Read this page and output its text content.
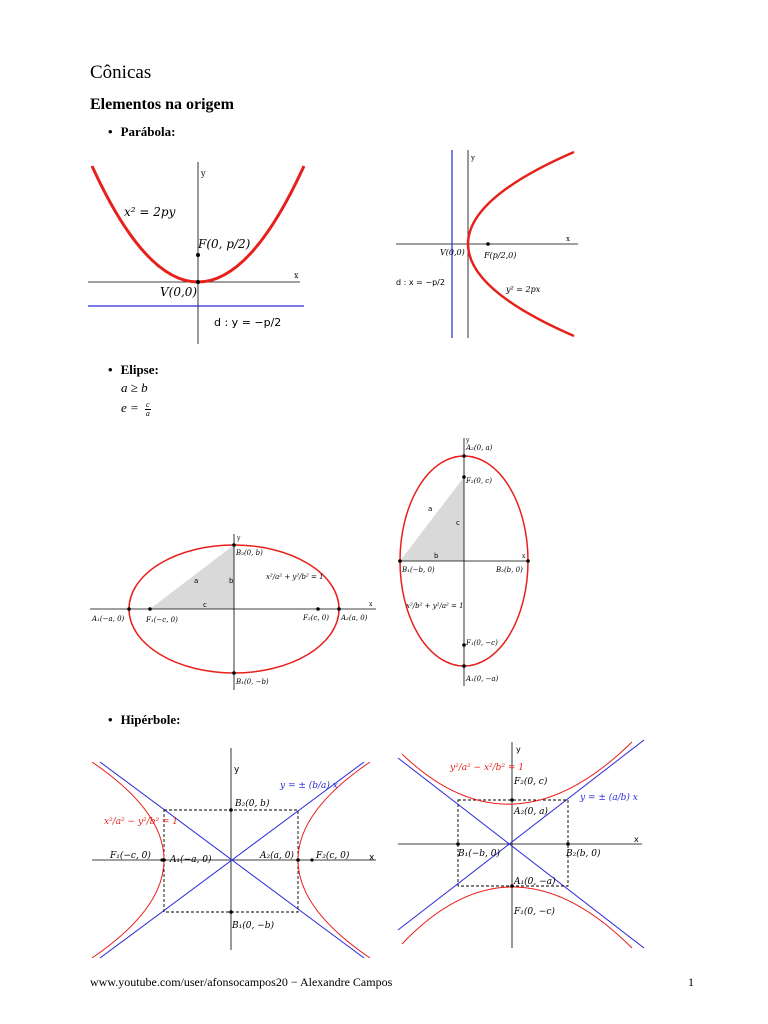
Cônicas
Elementos na origem

• Parábola:

y
x
x² = 2py
F(0, p/2)
V(0,0)
d : y = −p/2
y
x
V(0,0) F(p/2,0)
d : x = −p/2
y² = 2px

• Elipse:

a ≥ b

$e = \frac{c}{a}$

y
x
B₂(0, b)
B₁(0, −b)
A₁(−a, 0)	A₂(a, 0)
F₁(−c, 0)	F₂(c, 0)
a	b
c
x²/a² + y²/b² = 1
y
x
A₂(0, a)
A₁(0, −a)
F₂(0, c)
F₁(0, −c)
B₁(−b, 0)	B₂(b, 0)
a
b
c
x²/b² + y²/a² = 1

• Hipérbole:

y
x
x²/a² − y²/b² = 1
y = ± (b/a) x
B₂(0, b)
B₁(0, −b)
F₁(−c, 0) A₁(−a, 0)	A₂(a, 0) F₂(c, 0)
y
x
y²/a² − x²/b² = 1
y = ± (a/b) x
F₂(0, c)
A₂(0, a)
B₁(−b, 0)	B₂(b, 0)
A₁(0, −a)
F₁(0, −c)
www.youtube.com/user/afonsocampos20 − Alexandre Campos	1
